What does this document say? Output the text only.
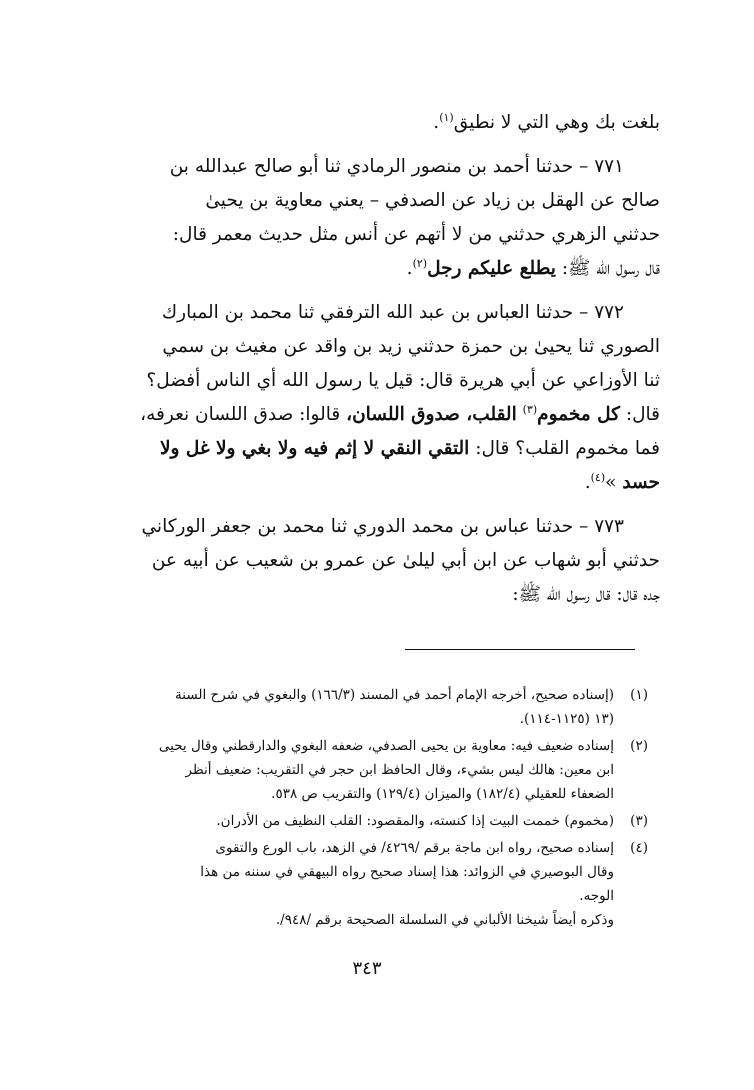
بلغت بك وهي التي لا نطيق$^{(١)}$.

٧٧١ – حدثنا أحمد بن منصور الرمادي ثنا أبو صالح عبدالله بن

صالح عن الهقل بن زياد عن الصدفي – يعني معاوية بن يحيىٰ

حدثني الزهري حدثني من لا أتهم عن أنس مثل حديث معمر قال:

قال رسول الله ﷺ: يطلع عليكم رجل$^{(٢)}$.

٧٧٢ – حدثنا العباس بن عبد الله الترفقي ثنا محمد بن المبارك

الصوري ثنا يحيىٰ بن حمزة حدثني زيد بن واقد عن مغيث بن سمي

ثنا الأوزاعي عن أبي هريرة قال: قيل يا رسول الله أي الناس أفضل؟

قال: كل مخموم$^{(٣)}$ القلب، صدوق اللسان، قالوا: صدق اللسان نعرفه،

فما مخموم القلب؟ قال: التقي النقي لا إثم فيه ولا بغي ولا غل ولا

حسد »$^{(٤)}$.

٧٧٣ – حدثنا عباس بن محمد الدوري ثنا محمد بن جعفر الوركاني

حدثني أبو شهاب عن ابن أبي ليلىٰ عن عمرو بن شعيب عن أبيه عن

جده قال: قال رسول الله ﷺ:

(١)

(إسناده صحيح، أخرجه الإمام أحمد في المسند (١٦٦/٣) والبغوي في شرح السنة

(١٣ (١١٢٥-١١٤).

(٢)

إسناده ضعيف فيه: معاوية بن يحيى الصدفي، ضعفه البغوي والدارقطني وقال يحيى

ابن معين: هالك ليس بشيء، وقال الحافظ ابن حجر في التقريب: ضعيف أنظر

الضعفاء للعقيلي (١٨٢/٤) والميزان (١٢٩/٤) والتقريب ص ٥٣٨.

(٣)

(مخموم) خممت البيت إذا كنسته، والمقصود: القلب النظيف من الأدران.

(٤)

إسناده صحيح، رواه ابن ماجة برقم /٤٢٦٩/ في الزهد، باب الورع والتقوى

وقال البوصيري في الزوائد: هذا إسناد صحيح رواه البيهقي في سننه من هذا

الوجه.

وذكره أيضاً شيخنا الألباني في السلسلة الصحيحة برقم /٩٤٨/.

٣٤٣
